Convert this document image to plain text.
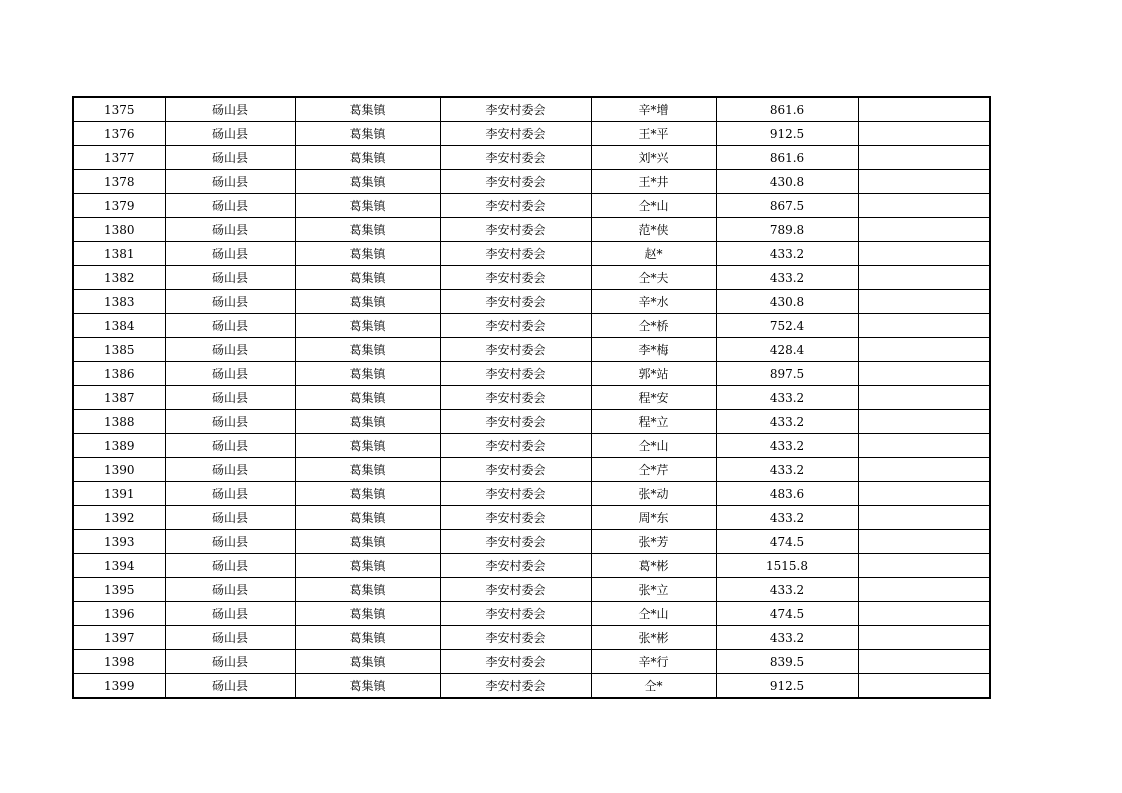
1375	砀山县	葛集镇	李安村委会	辛*增	861.6	
1376	砀山县	葛集镇	李安村委会	王*平	912.5	
1377	砀山县	葛集镇	李安村委会	刘*兴	861.6	
1378	砀山县	葛集镇	李安村委会	王*井	430.8	
1379	砀山县	葛集镇	李安村委会	仝*山	867.5	
1380	砀山县	葛集镇	李安村委会	范*侠	789.8	
1381	砀山县	葛集镇	李安村委会	赵*	433.2	
1382	砀山县	葛集镇	李安村委会	仝*夫	433.2	
1383	砀山县	葛集镇	李安村委会	辛*水	430.8	
1384	砀山县	葛集镇	李安村委会	仝*桥	752.4	
1385	砀山县	葛集镇	李安村委会	李*梅	428.4	
1386	砀山县	葛集镇	李安村委会	郭*站	897.5	
1387	砀山县	葛集镇	李安村委会	程*安	433.2	
1388	砀山县	葛集镇	李安村委会	程*立	433.2	
1389	砀山县	葛集镇	李安村委会	仝*山	433.2	
1390	砀山县	葛集镇	李安村委会	仝*芹	433.2	
1391	砀山县	葛集镇	李安村委会	张*动	483.6	
1392	砀山县	葛集镇	李安村委会	周*东	433.2	
1393	砀山县	葛集镇	李安村委会	张*芳	474.5	
1394	砀山县	葛集镇	李安村委会	葛*彬	1515.8	
1395	砀山县	葛集镇	李安村委会	张*立	433.2	
1396	砀山县	葛集镇	李安村委会	仝*山	474.5	
1397	砀山县	葛集镇	李安村委会	张*彬	433.2	
1398	砀山县	葛集镇	李安村委会	辛*行	839.5	
1399	砀山县	葛集镇	李安村委会	仝*	912.5	
